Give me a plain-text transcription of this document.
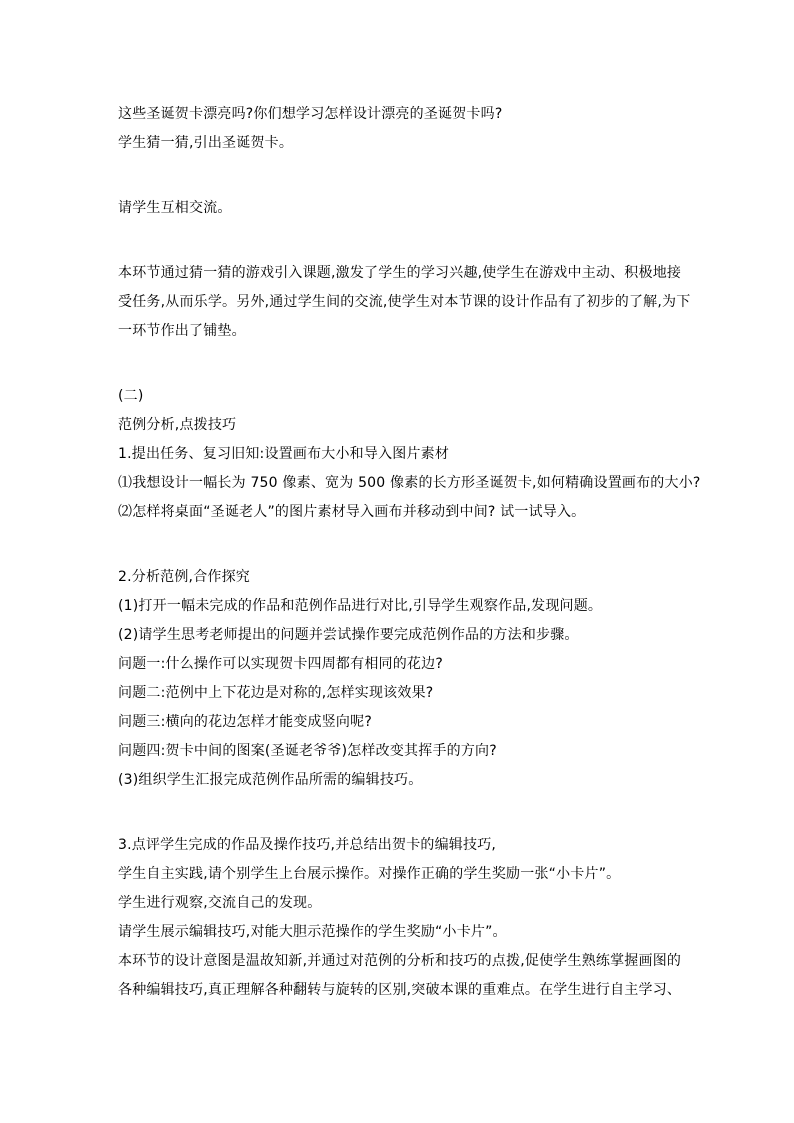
这些圣诞贺卡漂亮吗?你们想学习怎样设计漂亮的圣诞贺卡吗?
学生猜一猜,引出圣诞贺卡。
请学生互相交流。
本环节通过猜一猜的游戏引入课题,激发了学生的学习兴趣,使学生在游戏中主动、积极地接
受任务,从而乐学。另外,通过学生间的交流,使学生对本节课的设计作品有了初步的了解,为下
一环节作出了铺垫。
(二)
范例分析,点拨技巧
1.提出任务、复习旧知:设置画布大小和导入图片素材
⑴我想设计一幅长为 750 像素、宽为 500 像素的长方形圣诞贺卡,如何精确设置画布的大小?
⑵怎样将桌面“圣诞老人”的图片素材导入画布并移动到中间? 试一试导入。
2.分析范例,合作探究
(1)打开一幅未完成的作品和范例作品进行对比,引导学生观察作品,发现问题。
(2)请学生思考老师提出的问题并尝试操作要完成范例作品的方法和步骤。
问题一:什么操作可以实现贺卡四周都有相同的花边?
问题二:范例中上下花边是对称的,怎样实现该效果?
问题三:横向的花边怎样才能变成竖向呢?
问题四:贺卡中间的图案(圣诞老爷爷)怎样改变其挥手的方向?
(3)组织学生汇报完成范例作品所需的编辑技巧。
3.点评学生完成的作品及操作技巧,并总结出贺卡的编辑技巧,
学生自主实践,请个别学生上台展示操作。对操作正确的学生奖励一张“小卡片”。
学生进行观察,交流自己的发现。
请学生展示编辑技巧,对能大胆示范操作的学生奖励“小卡片”。
本环节的设计意图是温故知新,并通过对范例的分析和技巧的点拨,促使学生熟练掌握画图的
各种编辑技巧,真正理解各种翻转与旋转的区别,突破本课的重难点。在学生进行自主学习、
